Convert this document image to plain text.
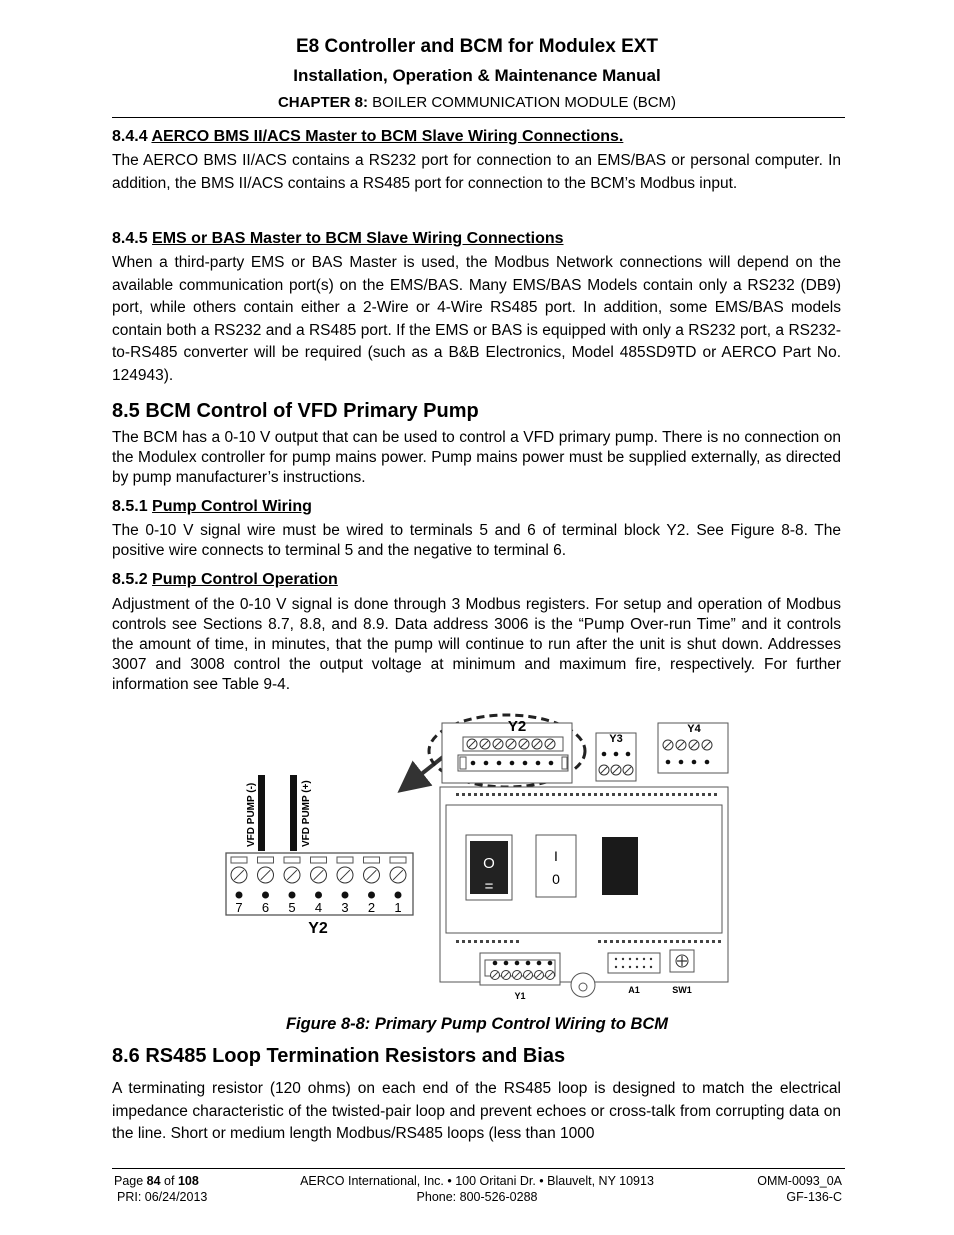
E8 Controller and BCM for Modulex EXT
Installation, Operation & Maintenance Manual
CHAPTER 8: BOILER COMMUNICATION MODULE (BCM)
8.4.4 AERCO BMS II/ACS Master to BCM Slave Wiring Connections.
The AERCO BMS II/ACS contains a RS232 port for connection to an EMS/BAS or personal computer. In addition, the BMS II/ACS contains a RS485 port for connection to the BCM’s Modbus input.
8.4.5 EMS or BAS Master to BCM Slave Wiring Connections
When a third-party EMS or BAS Master is used, the Modbus Network connections will depend on the available communication port(s) on the EMS/BAS. Many EMS/BAS Models contain only a RS232 (DB9) port, while others contain either a 2-Wire or 4-Wire RS485 port. In addition, some EMS/BAS models contain both a RS232 and a RS485 port. If the EMS or BAS is equipped with only a RS232 port, a RS232-to-RS485 converter will be required (such as a B&B Electronics, Model 485SD9TD or AERCO Part No. 124943).
8.5 BCM Control of VFD Primary Pump
The BCM has a 0-10 V output that can be used to control a VFD primary pump. There is no connection on the Modulex controller for pump mains power. Pump mains power must be supplied externally, as directed by pump manufacturer’s instructions.
8.5.1 Pump Control Wiring
The 0-10 V signal wire must be wired to terminals 5 and 6 of terminal block Y2. See Figure 8-8. The positive wire connects to terminal 5 and the negative to terminal 6.
8.5.2 Pump Control Operation
Adjustment of the 0-10 V signal is done through 3 Modbus registers. For setup and operation of Modbus controls see Sections 8.7, 8.8, and 8.9. Data address 3006 is the “Pump Over-run Time” and it controls the amount of time, in minutes, that the pump will continue to run after the unit is shut down. Addresses 3007 and 3008 control the output voltage at minimum and maximum fire, respectively. For further information see Table 9-4.
VFD PUMP (-)	VFD PUMP (+)
7 6 5 4 3 2 1
Y2
Y2
Y3
Y4
O
=
I
0
Y1
A1	SW1
Figure 8-8: Primary Pump Control Wiring to BCM
8.6 RS485 Loop Termination Resistors and Bias
A terminating resistor (120 ohms) on each end of the RS485 loop is designed to match the electrical impedance characteristic of the twisted-pair loop and prevent echoes or cross-talk from corrupting data on the line. Short or medium length Modbus/RS485 loops (less than 1000
Page 84 of 108
PRI: 06/24/2013
AERCO International, Inc. • 100 Oritani Dr. • Blauvelt, NY 10913
Phone: 800-526-0288
OMM-0093_0A
GF-136-C
